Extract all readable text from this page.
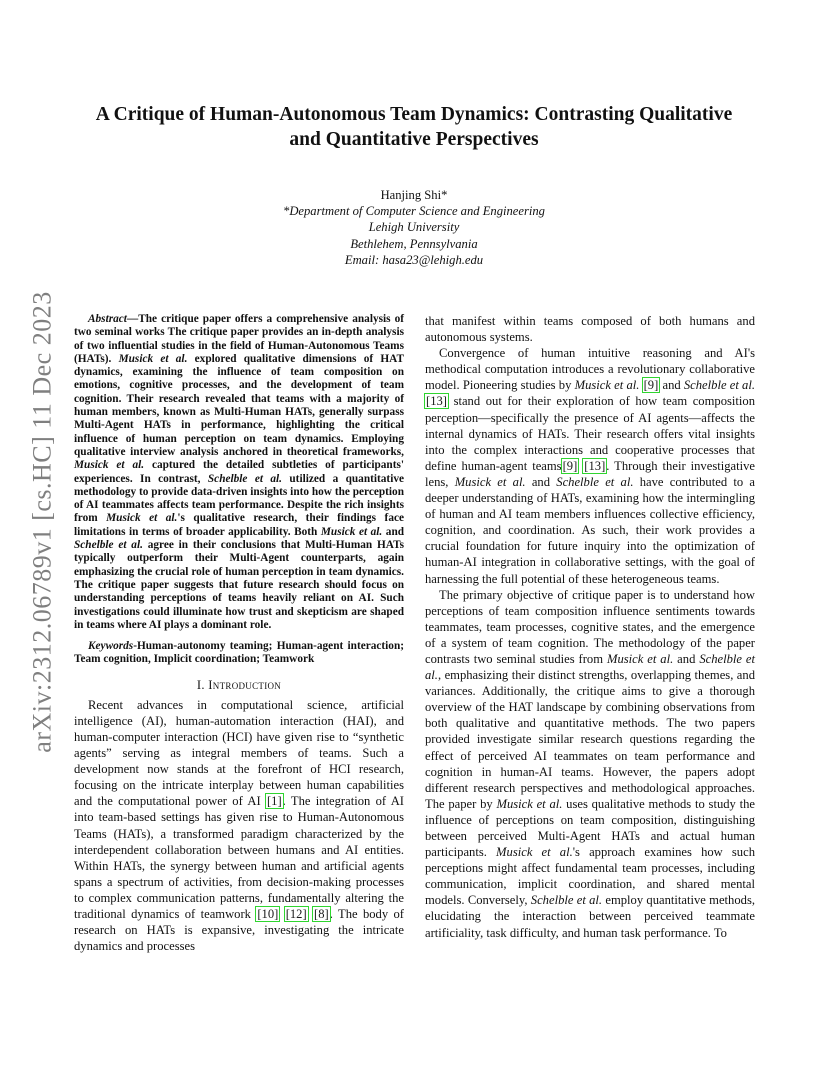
arXiv:2312.06789v1 [cs.HC] 11 Dec 2023
A Critique of Human-Autonomous Team Dynamics: Contrasting Qualitative and Quantitative Perspectives
Hanjing Shi*
*Department of Computer Science and Engineering
Lehigh University
Bethlehem, Pennsylvania
Email: hasa23@lehigh.edu

Abstract—The critique paper offers a comprehensive analysis of two seminal works The critique paper provides an in-depth analysis of two influential studies in the field of Human-Autonomous Teams (HATs). Musick et al. explored qualitative dimensions of HAT dynamics, examining the influence of team composition on emotions, cognitive processes, and the development of team cognition. Their research revealed that teams with a majority of human members, known as Multi-Human HATs, generally surpass Multi-Agent HATs in performance, highlighting the critical influence of human perception on team dynamics. Employing qualitative interview analysis anchored in theoretical frameworks, Musick et al. captured the detailed subtleties of participants' experiences. In contrast, Schelble et al. utilized a quantitative methodology to provide data-driven insights into how the perception of AI teammates affects team performance. Despite the rich insights from Musick et al.'s qualitative research, their findings face limitations in terms of broader applicability. Both Musick et al. and Schelble et al. agree in their conclusions that Multi-Human HATs typically outperform their Multi-Agent counterparts, again emphasizing the crucial role of human perception in team dynamics. The critique paper suggests that future research should focus on understanding perceptions of teams heavily reliant on AI. Such investigations could illuminate how trust and skepticism are shaped in teams where AI plays a dominant role.

Keywords-Human-autonomy teaming; Human-agent interaction; Team cognition, Implicit coordination; Teamwork

I. Introduction

Recent advances in computational science, artificial intelligence (AI), human-automation interaction (HAI), and human-computer interaction (HCI) have given rise to “synthetic agents” serving as integral members of teams. Such a development now stands at the forefront of HCI research, focusing on the intricate interplay between human capabilities and the computational power of AI [1]. The integration of AI into team-based settings has given rise to Human-Autonomous Teams (HATs), a transformed paradigm characterized by the interdependent collaboration between humans and AI entities. Within HATs, the synergy between human and artificial agents spans a spectrum of activities, from decision-making processes to complex communication patterns, fundamentally altering the traditional dynamics of teamwork [10] [12] [8]. The body of research on HATs is expansive, investigating the intricate dynamics and processes

that manifest within teams composed of both humans and autonomous systems.

Convergence of human intuitive reasoning and AI's methodical computation introduces a revolutionary collaborative model. Pioneering studies by Musick et al. [9] and Schelble et al.[13] stand out for their exploration of how team composition perception—specifically the presence of AI agents—affects the internal dynamics of HATs. Their research offers vital insights into the complex interactions and cooperative processes that define human-agent teams[9] [13]. Through their investigative lens, Musick et al. and Schelble et al. have contributed to a deeper understanding of HATs, examining how the intermingling of human and AI team members influences collective efficiency, cognition, and coordination. As such, their work provides a crucial foundation for future inquiry into the optimization of human-AI integration in collaborative settings, with the goal of harnessing the full potential of these heterogeneous teams.

The primary objective of critique paper is to understand how perceptions of team composition influence sentiments towards teammates, team processes, cognitive states, and the emergence of a system of team cognition. The methodology of the paper contrasts two seminal studies from Musick et al. and Schelble et al., emphasizing their distinct strengths, overlapping themes, and variances. Additionally, the critique aims to give a thorough overview of the HAT landscape by combining observations from both qualitative and quantitative methods. The two papers provided investigate similar research questions regarding the effect of perceived AI teammates on team performance and cognition in human-AI teams. However, the papers adopt different research perspectives and methodological approaches. The paper by Musick et al. uses qualitative methods to study the influence of perceptions on team composition, distinguishing between perceived Multi-Agent HATs and actual human participants. Musick et al.'s approach examines how such perceptions might affect fundamental team processes, including communication, implicit coordination, and shared mental models. Conversely, Schelble et al. employ quantitative methods, elucidating the interaction between perceived teammate artificiality, task difficulty, and human task performance. To
